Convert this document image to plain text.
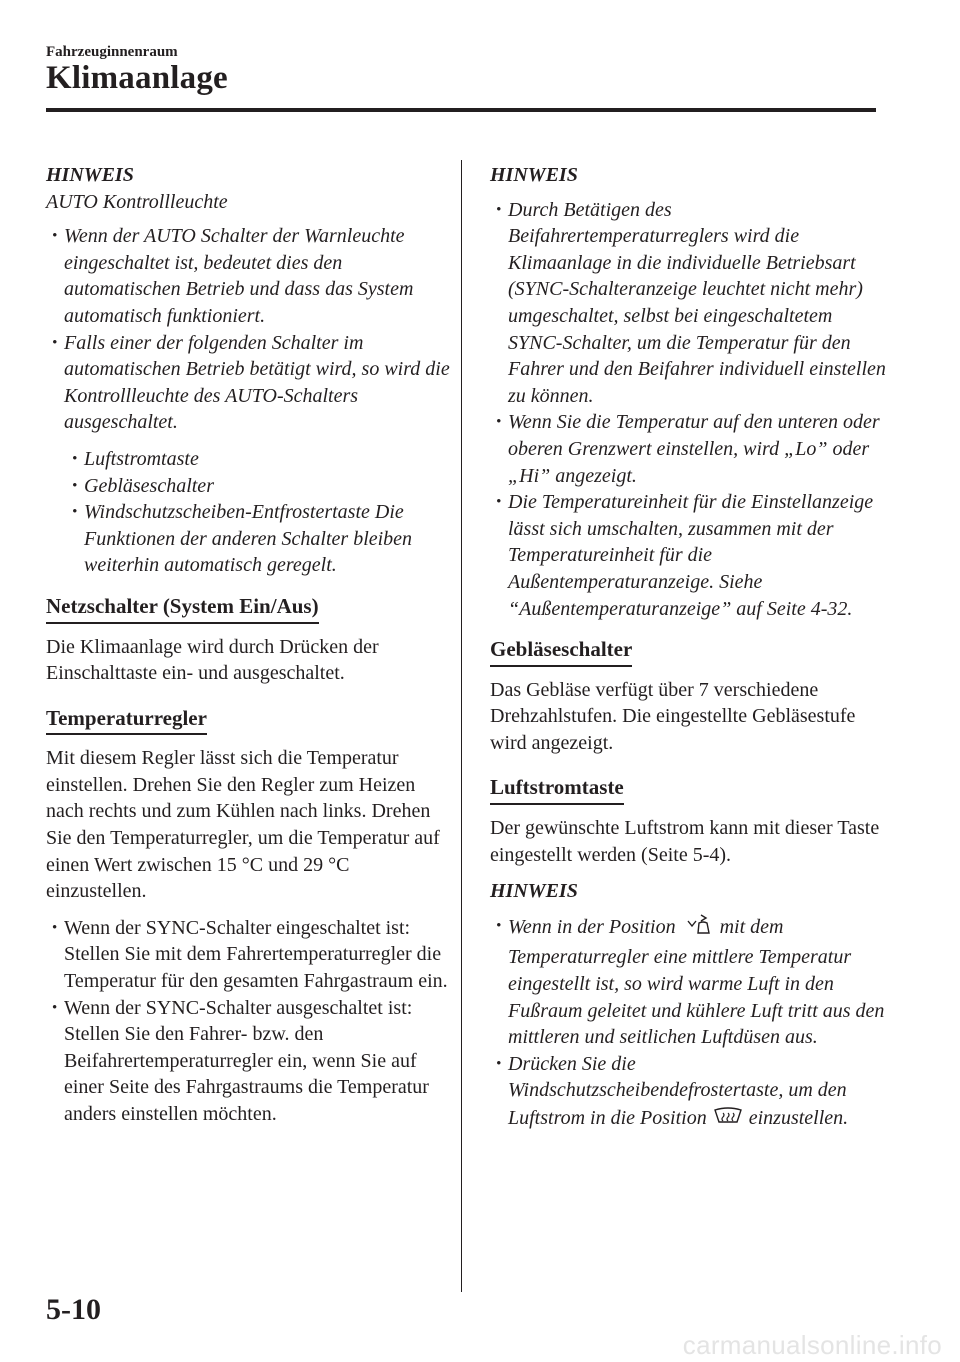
Fahrzeuginnenraum
Klimaanlage
HINWEIS
AUTO Kontrollleuchte
• Wenn der AUTO Schalter der Warnleuchte eingeschaltet ist, bedeutet dies den automatischen Betrieb und dass das System automatisch funktioniert.
• Falls einer der folgenden Schalter im automatischen Betrieb betätigt wird, so wird die Kontrollleuchte des AUTO-Schalters ausgeschaltet.
• Luftstromtaste
• Gebläseschalter
• Windschutzscheiben-Entfrostertaste Die Funktionen der anderen Schalter bleiben weiterhin automatisch geregelt.
Netzschalter (System Ein/Aus)

Die Klimaanlage wird durch Drücken der Einschalttaste ein- und ausgeschaltet.

Temperaturregler

Mit diesem Regler lässt sich die Temperatur einstellen. Drehen Sie den Regler zum Heizen nach rechts und zum Kühlen nach links. Drehen Sie den Temperaturregler, um die Temperatur auf einen Wert zwischen 15 °C und 29 °C einzustellen.

• Wenn der SYNC-Schalter eingeschaltet ist: Stellen Sie mit dem Fahrertemperaturregler die Temperatur für den gesamten Fahrgastraum ein.
• Wenn der SYNC-Schalter ausgeschaltet ist: Stellen Sie den Fahrer- bzw. den Beifahrertemperaturregler ein, wenn Sie auf einer Seite des Fahrgastraums die Temperatur anders einstellen möchten.
HINWEIS
• Durch Betätigen des Beifahrertemperaturreglers wird die Klimaanlage in die individuelle Betriebsart (SYNC-Schalteranzeige leuchtet nicht mehr) umgeschaltet, selbst bei eingeschaltetem SYNC-Schalter, um die Temperatur für den Fahrer und den Beifahrer individuell einstellen zu können.
• Wenn Sie die Temperatur auf den unteren oder oberen Grenzwert einstellen, wird „Lo” oder „Hi” angezeigt.
• Die Temperatureinheit für die Einstellanzeige lässt sich umschalten, zusammen mit der Temperatureinheit für die Außentemperaturanzeige. Siehe “Außentemperaturanzeige” auf Seite 4-32.
Gebläseschalter

Das Gebläse verfügt über 7 verschiedene Drehzahlstufen. Die eingestellte Gebläsestufe wird angezeigt.

Luftstromtaste

Der gewünschte Luftstrom kann mit dieser Taste eingestellt werden (Seite 5-4).

HINWEIS
• Wenn in der Position mit dem Temperaturregler eine mittlere Temperatur eingestellt ist, so wird warme Luft in den Fußraum geleitet und kühlere Luft tritt aus den mittleren und seitlichen Luftdüsen aus.
• Drücken Sie die Windschutzscheibendefrostertaste, um den Luftstrom in die Position einzustellen.
5-10
carmanualsonline.info
